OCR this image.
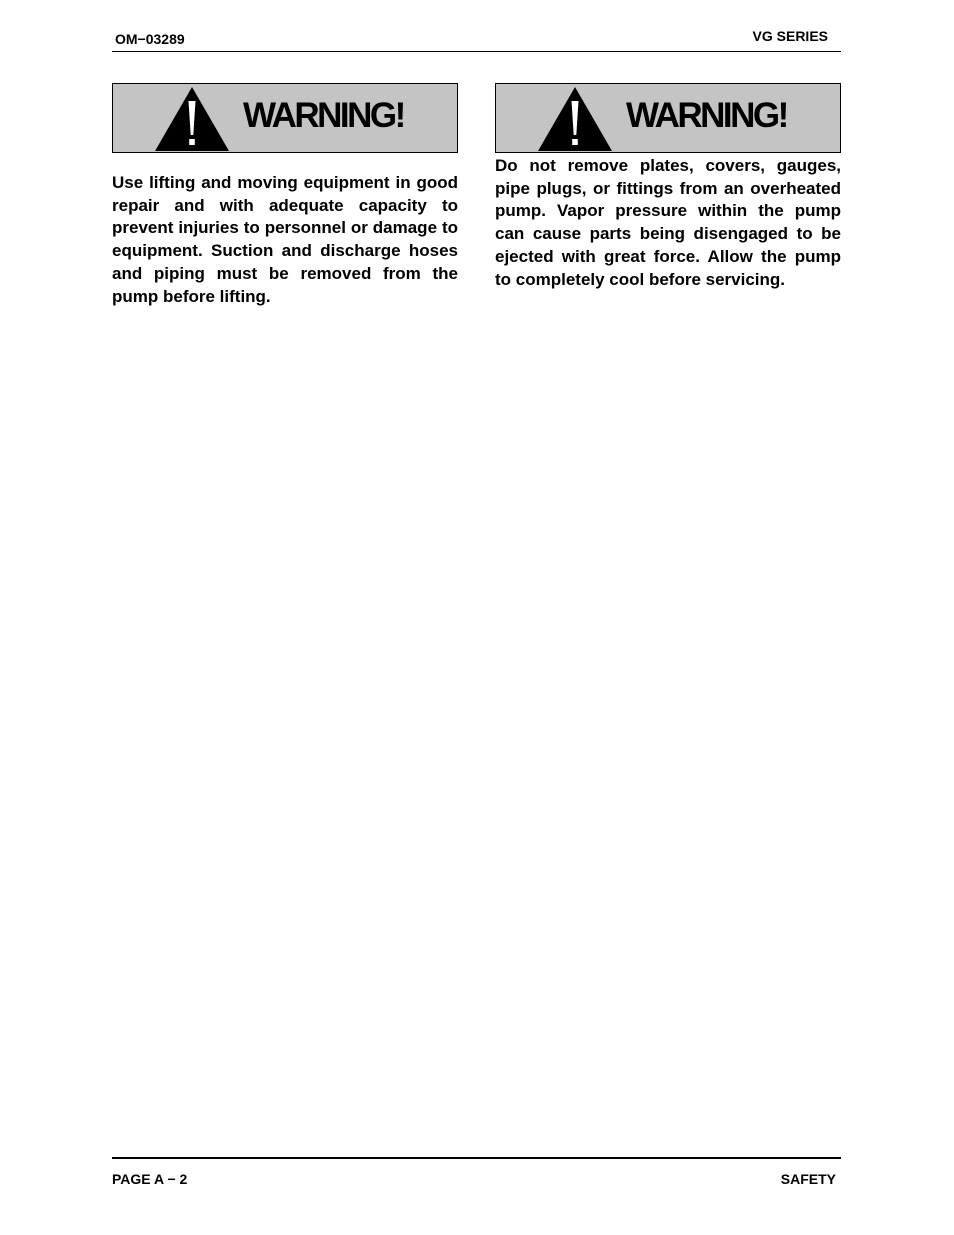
OM−03289	VG SERIES
WARNING!

Use lifting and moving equipment in good repair and with adequate capacity to prevent injuries to personnel or damage to equipment. Suction and discharge hoses and piping must be removed from the pump before lifting.

WARNING!

Do not remove plates, covers, gauges, pipe plugs, or fittings from an overheated pump. Vapor pressure within the pump can cause parts being disengaged to be ejected with great force. Allow the pump to completely cool before servicing.

PAGE A − 2	SAFETY
